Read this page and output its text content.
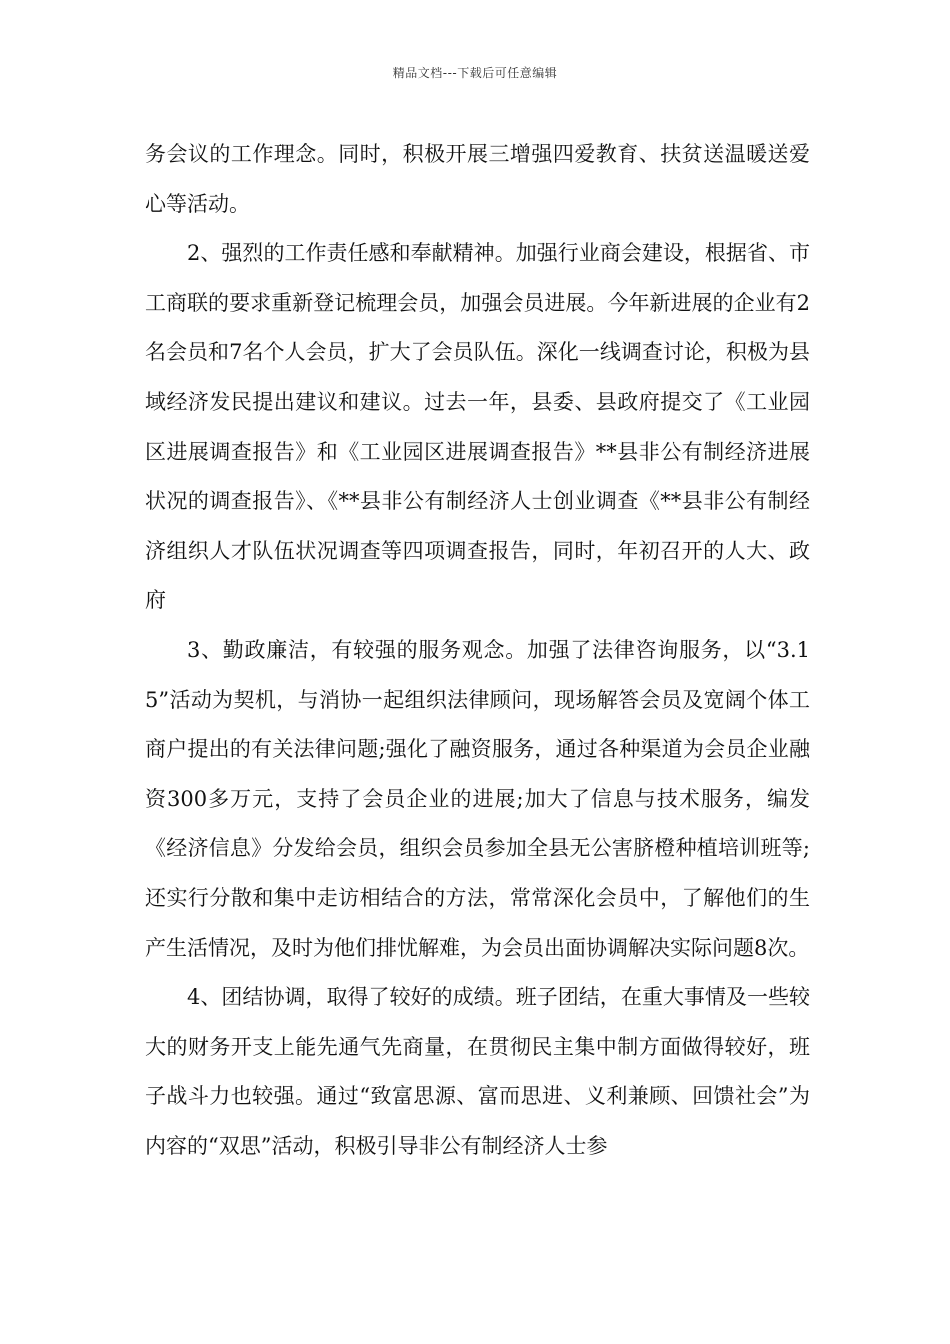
精品文档---下载后可任意编辑

务会议的工作理念。同时，积极开展三增强四爱教育、扶贫送温暖送爱心等活动。

2、强烈的工作责任感和奉献精神。加强行业商会建设，根据省、市工商联的要求重新登记梳理会员，加强会员进展。今年新进展的企业有2名会员和7名个人会员，扩大了会员队伍。深化一线调查讨论，积极为县域经济发民提出建议和建议。过去一年，县委、县政府提交了《工业园区进展调查报告》和《工业园区进展调查报告》**县非公有制经济进展状况的调查报告》、《**县非公有制经济人士创业调查《**县非公有制经济组织人才队伍状况调查等四项调查报告，同时，年初召开的人大、政府

3、勤政廉洁，有较强的服务观念。加强了法律咨询服务，以“3.15”活动为契机，与消协一起组织法律顾问，现场解答会员及宽阔个体工商户提出的有关法律问题;强化了融资服务，通过各种渠道为会员企业融资300多万元，支持了会员企业的进展;加大了信息与技术服务，编发《经济信息》分发给会员，组织会员参加全县无公害脐橙种植培训班等;还实行分散和集中走访相结合的方法，常常深化会员中，了解他们的生产生活情况，及时为他们排忧解难，为会员出面协调解决实际问题8次。

4、团结协调，取得了较好的成绩。班子团结，在重大事情及一些较大的财务开支上能先通气先商量，在贯彻民主集中制方面做得较好，班子战斗力也较强。通过“致富思源、富而思进、义利兼顾、回馈社会”为内容的“双思”活动，积极引导非公有制经济人士参
